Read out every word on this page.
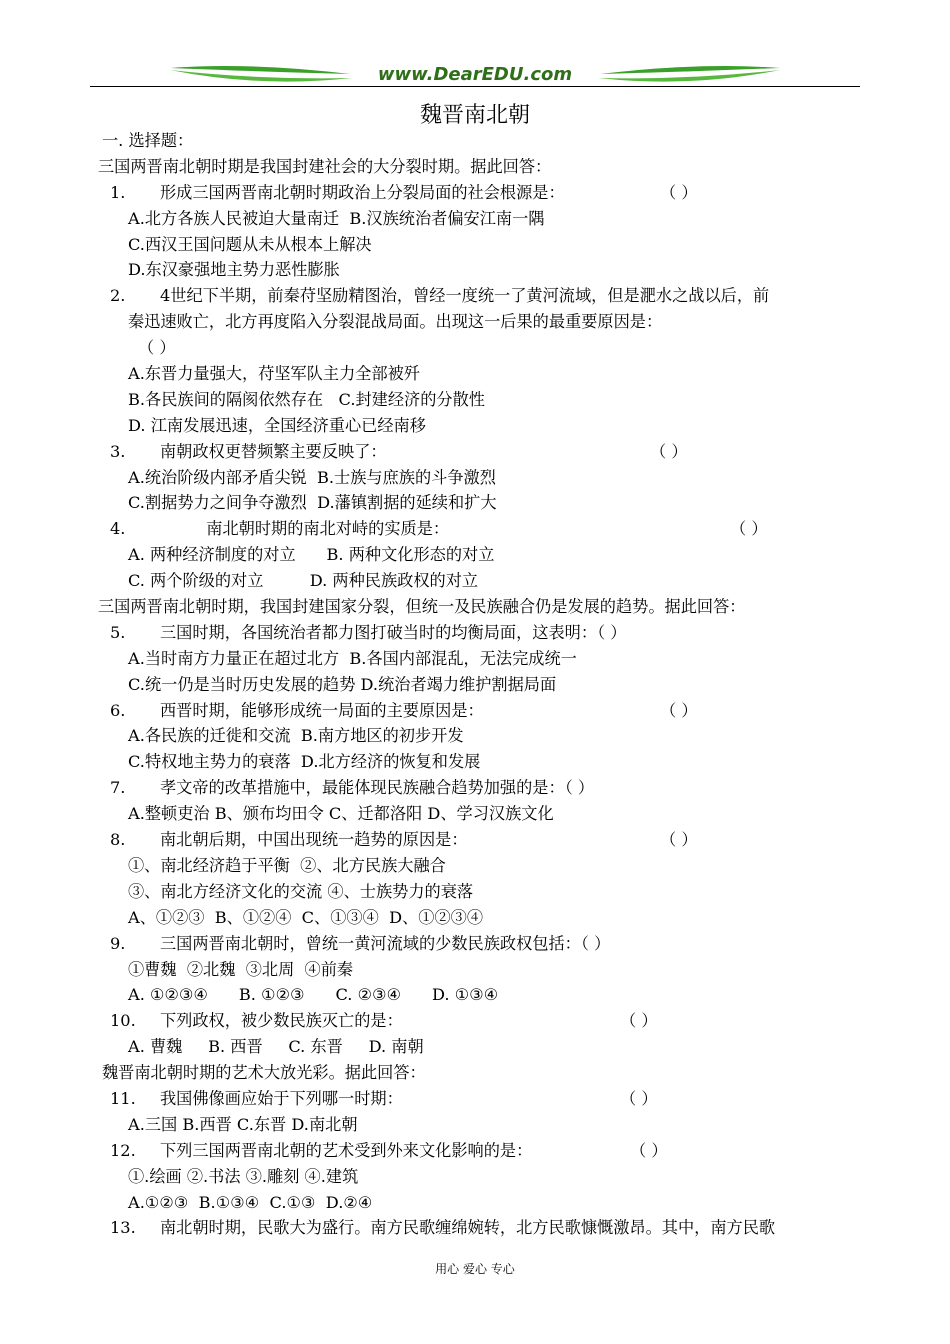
www.DearEDU.com
魏晋南北朝
一. 选择题：
三国两晋南北朝时期是我国封建社会的大分裂时期。据此回答：
1.	形成三国两晋南北朝时期政治上分裂局面的社会根源是：	（ ）
A.北方各族人民被迫大量南迁  B.汉族统治者偏安江南一隅
C.西汉王国问题从未从根本上解决
D.东汉豪强地主势力恶性膨胀
2.	4世纪下半期，前秦苻坚励精图治，曾经一度统一了黄河流域，但是淝水之战以后，前
秦迅速败亡，北方再度陷入分裂混战局面。出现这一后果的最重要原因是：
（ ）
A.东晋力量强大，苻坚军队主力全部被歼
B.各民族间的隔阂依然存在   C.封建经济的分散性
D. 江南发展迅速，全国经济重心已经南移
3.	南朝政权更替频繁主要反映了：	（ ）
A.统治阶级内部矛盾尖锐  B.士族与庶族的斗争激烈
C.割据势力之间争夺激烈  D.藩镇割据的延续和扩大
4.	南北朝时期的南北对峙的实质是：	（ ）
A. 两种经济制度的对立      B. 两种文化形态的对立
C. 两个阶级的对立         D. 两种民族政权的对立
三国两晋南北朝时期，我国封建国家分裂，但统一及民族融合仍是发展的趋势。据此回答：
5.	三国时期，各国统治者都力图打破当时的均衡局面，这表明：（ ）
A.当时南方力量正在超过北方  B.各国内部混乱，无法完成统一
C.统一仍是当时历史发展的趋势 D.统治者竭力维护割据局面
6.	西晋时期，能够形成统一局面的主要原因是：	（ ）
A.各民族的迁徙和交流  B.南方地区的初步开发
C.特权地主势力的衰落  D.北方经济的恢复和发展
7.	孝文帝的改革措施中，最能体现民族融合趋势加强的是：（ ）
A.整顿吏治 B、颁布均田令 C、迁都洛阳 D、学习汉族文化
8.	南北朝后期，中国出现统一趋势的原因是：	（ ）
①、南北经济趋于平衡  ②、北方民族大融合
③、南北方经济文化的交流 ④、士族势力的衰落
A、①②③  B、①②④  C、①③④  D、①②③④
9.	三国两晋南北朝时，曾统一黄河流域的少数民族政权包括：（ ）
①曹魏  ②北魏  ③北周  ④前秦
A. ①②③④      B. ①②③      C. ②③④      D. ①③④
10.	下列政权，被少数民族灭亡的是：	（ ）
A. 曹魏     B. 西晋     C. 东晋     D. 南朝
魏晋南北朝时期的艺术大放光彩。据此回答：
11.	我国佛像画应始于下列哪一时期：	（ ）
A.三国 B.西晋 C.东晋 D.南北朝
12.	下列三国两晋南北朝的艺术受到外来文化影响的是：	（ ）
①.绘画 ②.书法 ③.雕刻 ④.建筑
A.①②③  B.①③④  C.①③  D.②④
13.	南北朝时期，民歌大为盛行。南方民歌缠绵婉转，北方民歌慷慨激昂。其中，南方民歌
用心 爱心 专心
